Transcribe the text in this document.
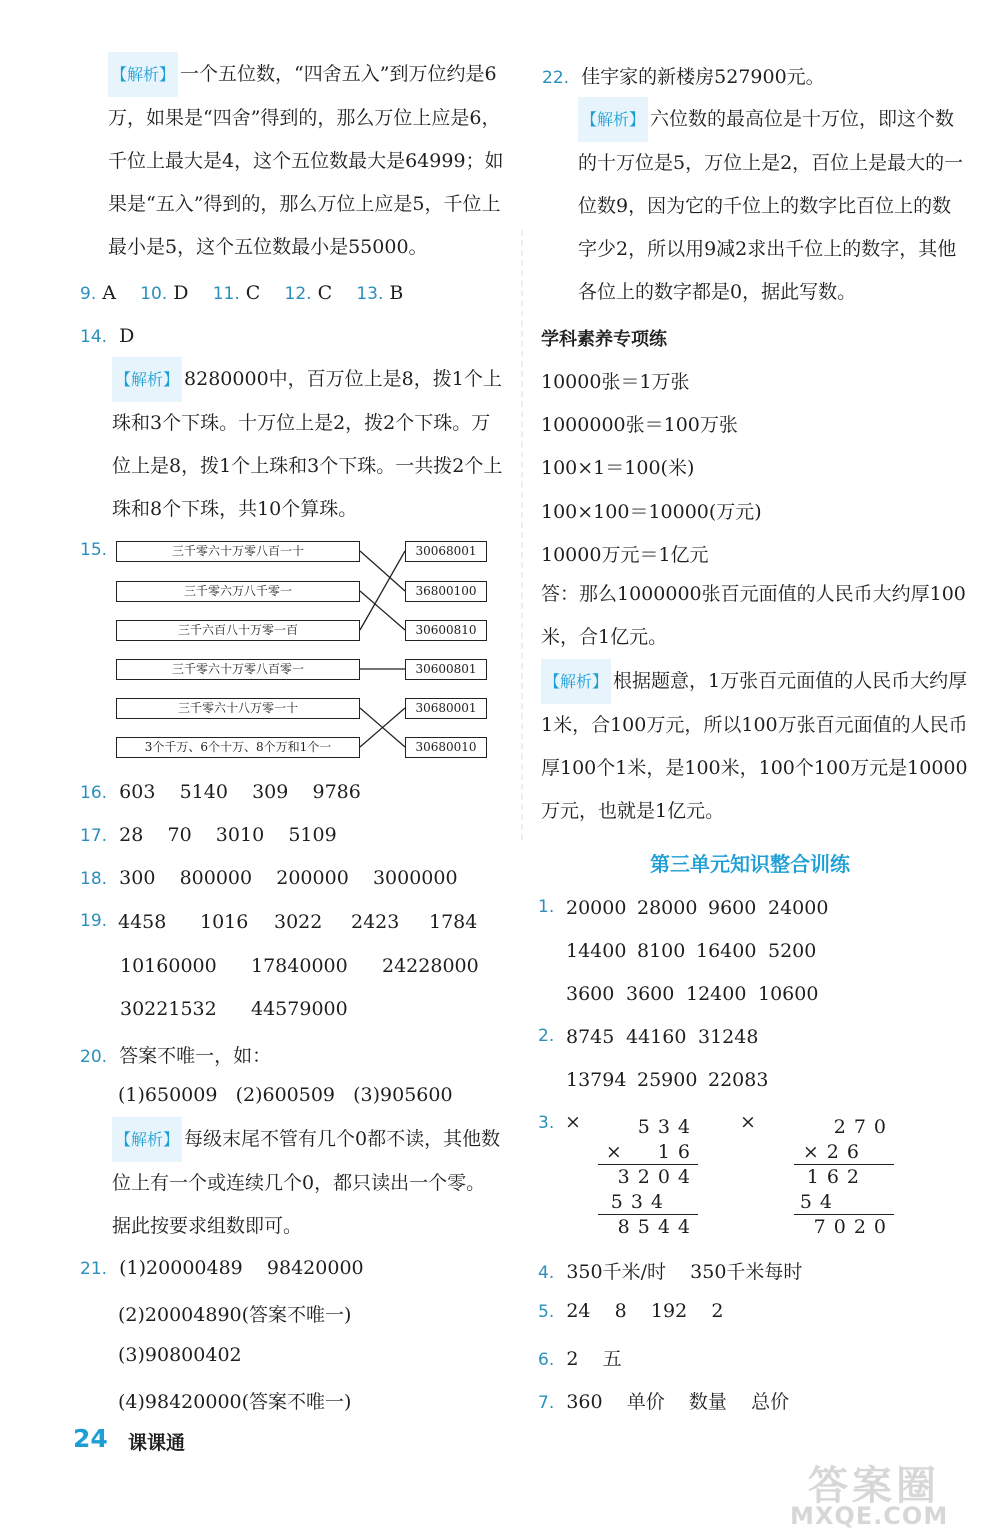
【 解析 】 一个五位数，“四舍五入”到万位约是6万，如果是“四舍”得到的，那么万位上应是6，千位上最大是4，这个五位数最大是64999；如果是“五入”得到的，那么万位上应是5，千位上最小是5，这个五位数最小是55000。
9. A 10. D 11. C 12. C 13. B
14. D
【 解析 】 8280000中，百万位上是8，拨1个上珠和3个下珠。十万位上是2，拨2个下珠。万位上是8，拨1个上珠和3个下珠。一共拨2个上珠和8个下珠，共10个算珠。
15.	三千零六十万零八百一十
三千零六万八千零一
三千六百八十万零一百
三千零六十万零八百零一
三千零六十八万零一十
3个千万、6个十万、8个万和1个一
30068001
36800100
30600810
30600801
30680001
30680010
16. 603    5140    309    9786
17. 28    70    3010    5109
18. 300    800000    200000    3000000
19. 4458 1016 3022 2423 1784
10160000 17840000 24228000
30221532 44579000
20. 答案不唯一，如：
(1)650009   (2)600509   (3)905600
【 解析 】 每级末尾不管有几个0都不读，其他数位上有一个或连续几个0，都只读出一个零。据此按要求组数即可。
21. (1)20000489    98420000
(2)20004890(答案不唯一)
(3)90800402
(4)98420000(答案不唯一)
22. 佳宇家的新楼房527900元。
【 解析 】 六位数的最高位是十万位，即这个数的十万位是5，万位上是2，百位上是最大的一位数9，因为它的千位上的数字比百位上的数字少2，所以用9减2求出千位上的数字，其他各位上的数字都是0，据此写数。
学科素养专项练
10000张＝1万张
1000000张＝100万张
100×1＝100(米)
100×100＝10000(万元)
10000万元＝1亿元
答：那么1000000张百元面值的人民币大约厚100米，合1亿元。
【 解析 】 根据题意，1万张百元面值的人民币大约厚1米，合100万元，所以100万张百元面值的人民币厚100个1米，是100米，100个100万元是10000万元，也就是1亿元。
第三单元知识整合训练
1. 20000 28000 9600 24000
14400 8100 16400 5200
3600 3600 12400 10600
2. 8745 44160 31248
13794 25900 22083
3. ×	×
534
×  16
3204
534
8544
270
×26
162
54
7020
4. 350千米/时    350千米每时
5. 24    8    192    2
6. 2    五
7. 360    单价    数量    总价
24 课课通
答案圈
MXQE.COM
